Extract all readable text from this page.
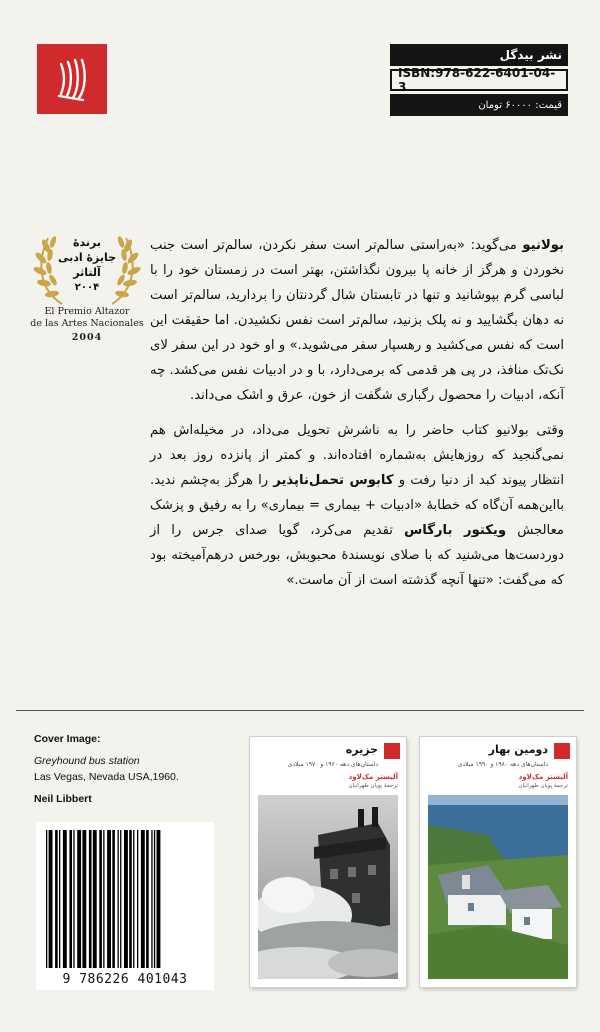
نشر بیدگل
ISBN:978-622-6401-04-3
قیمت: ۶۰۰۰۰ تومان
برندهٔ
جایزهٔ ادبی
آلتاثر
۲۰۰۴
El Premio Altazor
de las Artes Nacionales
2004

بولانیو می‌گوید: «به‌راستی سالم‌تر است سفر نکردن، سالم‌تر است جنب نخوردن و هرگز از خانه پا بیرون نگذاشتن، بهتر است در زمستان خود را با لباسی گرم بپوشانید و تنها در تابستان شال گردنتان را بردارید، سالم‌تر است نه دهان بگشایید و نه پلک بزنید، سالم‌تر است نفس نکشیدن. اما حقیقت این است که نفس می‌کشید و رهسپار سفر می‌شوید.» و او خود در این سفر لای نک‌تک منافذ، در پی هر قدمی که برمی‌دارد، با و در ادبیات نفس می‌کشد. چه آنکه، ادبیات را محصول رگباری شگفت از خون، عرق و اشک می‌داند.

وقتی بولانیو کتاب حاضر را به ناشرش تحویل می‌داد، در مخیله‌اش هم نمی‌گنجید که روزهایش به‌شماره افتاده‌اند. و کمتر از پانزده روز بعد در انتظار پیوند کبد از دنیا رفت و کابوس تحمل‌ناپذیر را هرگز به‌چشم ندید. بااین‌همه آن‌گاه که خطابهٔ «ادبیات + بیماری = بیماری» را به رفیق و پزشک معالجش ویکتور بارگاس تقدیم می‌کرد، گویا صدای جرس را از دوردست‌ها می‌شنید که با صلای نویسندهٔ محبوبش، بورخس درهم‌آمیخته بود که می‌گفت: «تنها آنچه گذشته است از آن ماست.»

Cover Image:
Greyhound bus station
Las Vegas, Nevada USA,1960.
Neil Libbert
9 786226 401043
جزیره
داستان‌های دهه ۱۹۶۰ و ۱۹۷۰ میلادی
آلیستر مک‌لاود
ترجمهٔ پویان طهرانیان
دومین بهار
داستان‌های دهه ۱۹۸۰ و ۱۹۹۰ میلادی
آلیستر مک‌لاود
ترجمهٔ پویان طهرانیان
